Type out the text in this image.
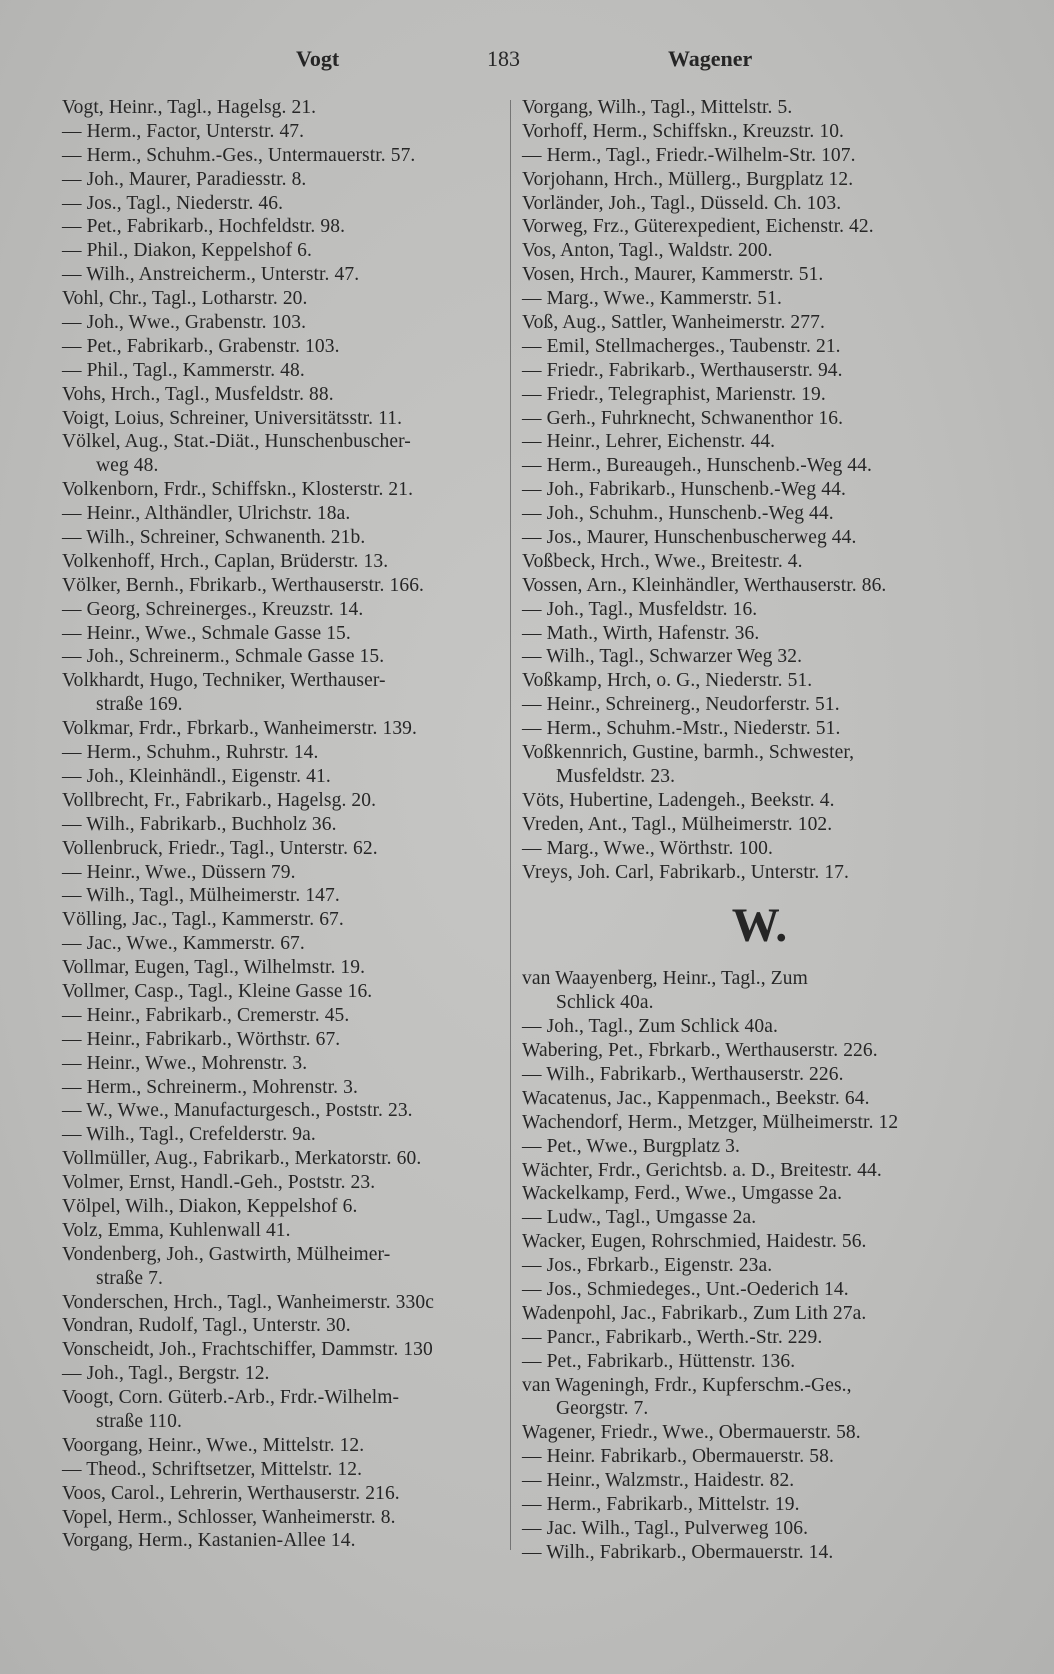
Vogt	183	Wagener
Vogt, Heinr., Tagl., Hagelsg. 21.
— Herm., Factor, Unterstr. 47.
— Herm., Schuhm.-Ges., Untermauerstr. 57.
— Joh., Maurer, Paradiesstr. 8.
— Jos., Tagl., Niederstr. 46.
— Pet., Fabrikarb., Hochfeldstr. 98.
— Phil., Diakon, Keppelshof 6.
— Wilh., Anstreicherm., Unterstr. 47.
Vohl, Chr., Tagl., Lotharstr. 20.
— Joh., Wwe., Grabenstr. 103.
— Pet., Fabrikarb., Grabenstr. 103.
— Phil., Tagl., Kammerstr. 48.
Vohs, Hrch., Tagl., Musfeldstr. 88.
Voigt, Loius, Schreiner, Universitätsstr. 11.
Völkel, Aug., Stat.-Diät., Hunschenbuscher-
weg 48.
Volkenborn, Frdr., Schiffskn., Klosterstr. 21.
— Heinr., Althändler, Ulrichstr. 18a.
— Wilh., Schreiner, Schwanenth. 21b.
Volkenhoff, Hrch., Caplan, Brüderstr. 13.
Völker, Bernh., Fbrikarb., Werthauserstr. 166.
— Georg, Schreinerges., Kreuzstr. 14.
— Heinr., Wwe., Schmale Gasse 15.
— Joh., Schreinerm., Schmale Gasse 15.
Volkhardt, Hugo, Techniker, Werthauser-
straße 169.
Volkmar, Frdr., Fbrkarb., Wanheimerstr. 139.
— Herm., Schuhm., Ruhrstr. 14.
— Joh., Kleinhändl., Eigenstr. 41.
Vollbrecht, Fr., Fabrikarb., Hagelsg. 20.
— Wilh., Fabrikarb., Buchholz 36.
Vollenbruck, Friedr., Tagl., Unterstr. 62.
— Heinr., Wwe., Düssern 79.
— Wilh., Tagl., Mülheimerstr. 147.
Völling, Jac., Tagl., Kammerstr. 67.
— Jac., Wwe., Kammerstr. 67.
Vollmar, Eugen, Tagl., Wilhelmstr. 19.
Vollmer, Casp., Tagl., Kleine Gasse 16.
— Heinr., Fabrikarb., Cremerstr. 45.
— Heinr., Fabrikarb., Wörthstr. 67.
— Heinr., Wwe., Mohrenstr. 3.
— Herm., Schreinerm., Mohrenstr. 3.
— W., Wwe., Manufacturgesch., Poststr. 23.
— Wilh., Tagl., Crefelderstr. 9a.
Vollmüller, Aug., Fabrikarb., Merkatorstr. 60.
Volmer, Ernst, Handl.-Geh., Poststr. 23.
Völpel, Wilh., Diakon, Keppelshof 6.
Volz, Emma, Kuhlenwall 41.
Vondenberg, Joh., Gastwirth, Mülheimer-
straße 7.
Vonderschen, Hrch., Tagl., Wanheimerstr. 330c
Vondran, Rudolf, Tagl., Unterstr. 30.
Vonscheidt, Joh., Frachtschiffer, Dammstr. 130
— Joh., Tagl., Bergstr. 12.
Voogt, Corn. Güterb.-Arb., Frdr.-Wilhelm-
straße 110.
Voorgang, Heinr., Wwe., Mittelstr. 12.
— Theod., Schriftsetzer, Mittelstr. 12.
Voos, Carol., Lehrerin, Werthauserstr. 216.
Vopel, Herm., Schlosser, Wanheimerstr. 8.
Vorgang, Herm., Kastanien-Allee 14.
Vorgang, Wilh., Tagl., Mittelstr. 5.
Vorhoff, Herm., Schiffskn., Kreuzstr. 10.
— Herm., Tagl., Friedr.-Wilhelm-Str. 107.
Vorjohann, Hrch., Müllerg., Burgplatz 12.
Vorländer, Joh., Tagl., Düsseld. Ch. 103.
Vorweg, Frz., Güterexpedient, Eichenstr. 42.
Vos, Anton, Tagl., Waldstr. 200.
Vosen, Hrch., Maurer, Kammerstr. 51.
— Marg., Wwe., Kammerstr. 51.
Voß, Aug., Sattler, Wanheimerstr. 277.
— Emil, Stellmacherges., Taubenstr. 21.
— Friedr., Fabrikarb., Werthauserstr. 94.
— Friedr., Telegraphist, Marienstr. 19.
— Gerh., Fuhrknecht, Schwanenthor 16.
— Heinr., Lehrer, Eichenstr. 44.
— Herm., Bureaugeh., Hunschenb.-Weg 44.
— Joh., Fabrikarb., Hunschenb.-Weg 44.
— Joh., Schuhm., Hunschenb.-Weg 44.
— Jos., Maurer, Hunschenbuscherweg 44.
Voßbeck, Hrch., Wwe., Breitestr. 4.
Vossen, Arn., Kleinhändler, Werthauserstr. 86.
— Joh., Tagl., Musfeldstr. 16.
— Math., Wirth, Hafenstr. 36.
— Wilh., Tagl., Schwarzer Weg 32.
Voßkamp, Hrch, o. G., Niederstr. 51.
— Heinr., Schreinerg., Neudorferstr. 51.
— Herm., Schuhm.-Mstr., Niederstr. 51.
Voßkennrich, Gustine, barmh., Schwester,
Musfeldstr. 23.
Vöts, Hubertine, Ladengeh., Beekstr. 4.
Vreden, Ant., Tagl., Mülheimerstr. 102.
— Marg., Wwe., Wörthstr. 100.
Vreys, Joh. Carl, Fabrikarb., Unterstr. 17.
W.
van Waayenberg, Heinr., Tagl., Zum
Schlick 40a.
— Joh., Tagl., Zum Schlick 40a.
Wabering, Pet., Fbrkarb., Werthauserstr. 226.
— Wilh., Fabrikarb., Werthauserstr. 226.
Wacatenus, Jac., Kappenmach., Beekstr. 64.
Wachendorf, Herm., Metzger, Mülheimerstr. 12
— Pet., Wwe., Burgplatz 3.
Wächter, Frdr., Gerichtsb. a. D., Breitestr. 44.
Wackelkamp, Ferd., Wwe., Umgasse 2a.
— Ludw., Tagl., Umgasse 2a.
Wacker, Eugen, Rohrschmied, Haidestr. 56.
— Jos., Fbrkarb., Eigenstr. 23a.
— Jos., Schmiedeges., Unt.-Oederich 14.
Wadenpohl, Jac., Fabrikarb., Zum Lith 27a.
— Pancr., Fabrikarb., Werth.-Str. 229.
— Pet., Fabrikarb., Hüttenstr. 136.
van Wageningh, Frdr., Kupferschm.-Ges.,
Georgstr. 7.
Wagener, Friedr., Wwe., Obermauerstr. 58.
— Heinr. Fabrikarb., Obermauerstr. 58.
— Heinr., Walzmstr., Haidestr. 82.
— Herm., Fabrikarb., Mittelstr. 19.
— Jac. Wilh., Tagl., Pulverweg 106.
— Wilh., Fabrikarb., Obermauerstr. 14.
